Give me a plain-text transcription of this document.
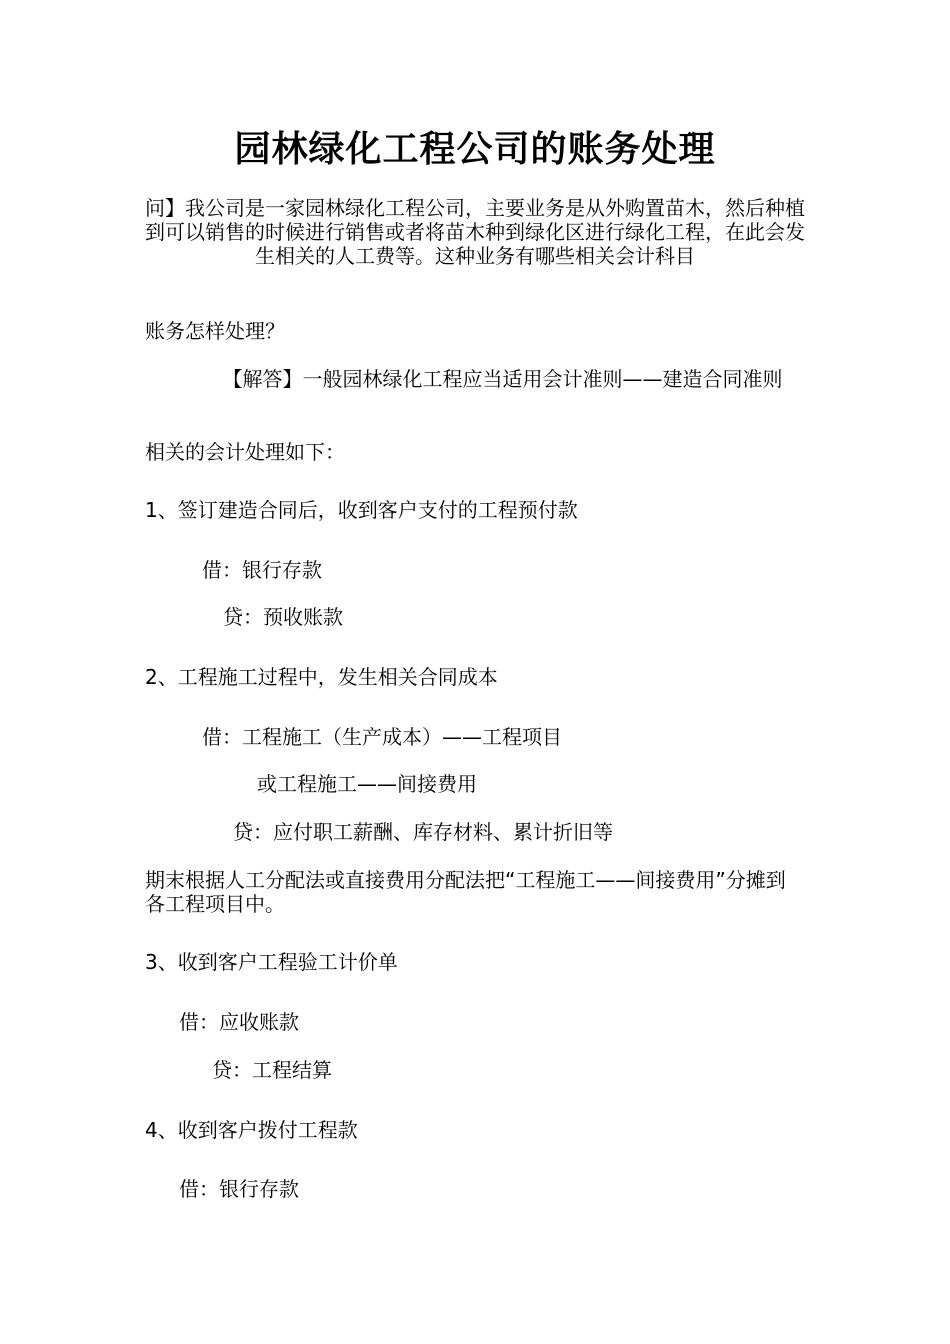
园林绿化工程公司的账务处理
问】我公司是一家园林绿化工程公司，主要业务是从外购置苗木，然后种植到可以销售的时候进行销售或者将苗木种到绿化区进行绿化工程，在此会发生相关的人工费等。这种业务有哪些相关会计科目
账务怎样处理？
【解答】一般园林绿化工程应当适用会计准则——建造合同准则
相关的会计处理如下：
1、签订建造合同后，收到客户支付的工程预付款
借：银行存款
贷：预收账款
2、工程施工过程中，发生相关合同成本
借：工程施工（生产成本）——工程项目
或工程施工——间接费用
贷：应付职工薪酬、库存材料、累计折旧等
期末根据人工分配法或直接费用分配法把“工程施工——间接费用”分摊到各工程项目中。
3、收到客户工程验工计价单
借：应收账款
贷：工程结算
4、收到客户拨付工程款
借：银行存款
